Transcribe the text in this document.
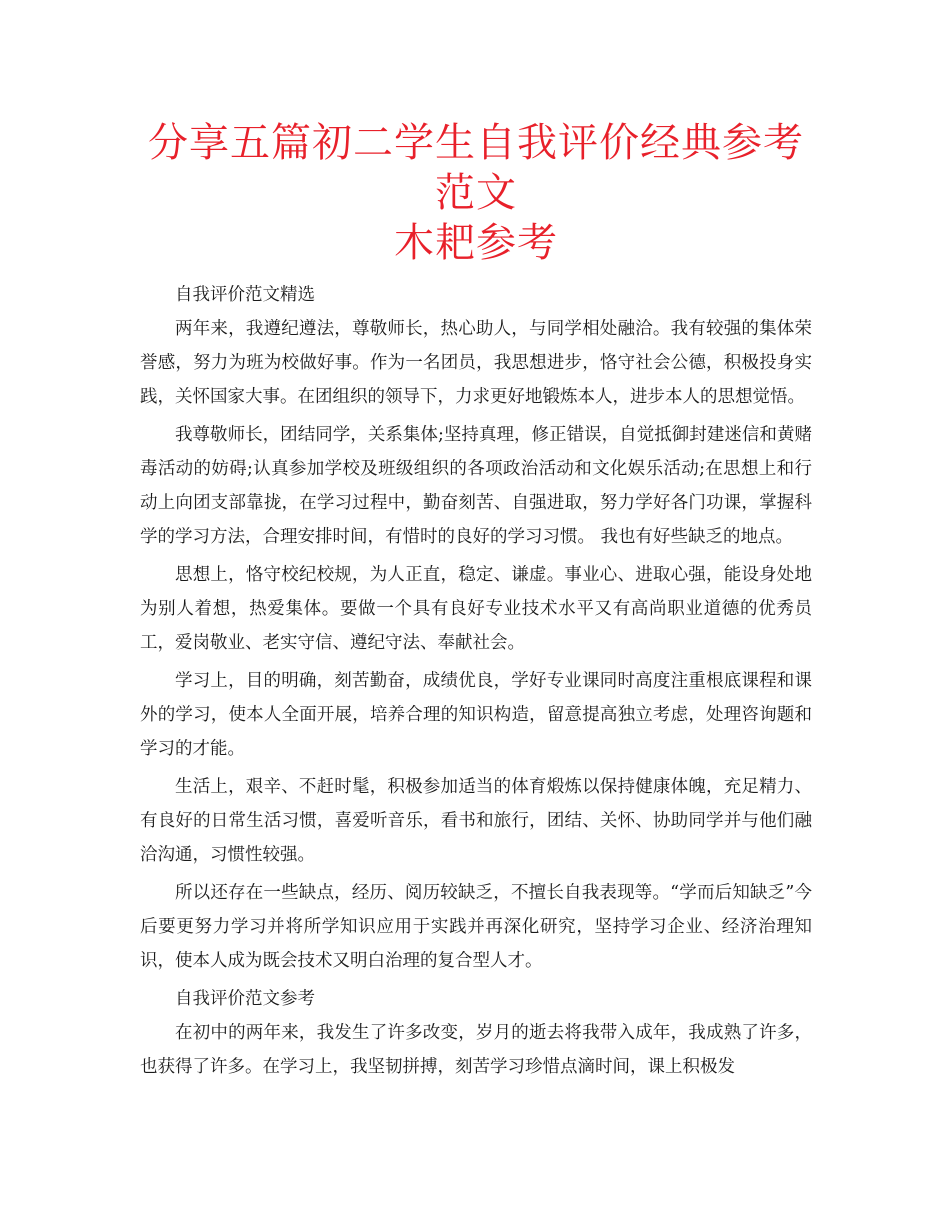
分享五篇初二学生自我评价经典参考范文
木耙参考

自我评价范文精选

两年来，我遵纪遵法，尊敬师长，热心助人，与同学相处融洽。我有较强的集体荣誉感，努力为班为校做好事。作为一名团员，我思想进步，恪守社会公德，积极投身实践，关怀国家大事。在团组织的领导下，力求更好地锻炼本人，进步本人的思想觉悟。

我尊敬师长，团结同学，关系集体;坚持真理，修正错误，自觉抵御封建迷信和黄赌毒活动的妨碍;认真参加学校及班级组织的各项政治活动和文化娱乐活动;在思想上和行动上向团支部靠拢，在学习过程中，勤奋刻苦、自强进取，努力学好各门功课，掌握科学的学习方法，合理安排时间，有惜时的良好的学习习惯。 我也有好些缺乏的地点。

思想上，恪守校纪校规，为人正直，稳定、谦虚。事业心、进取心强，能设身处地为别人着想，热爱集体。要做一个具有良好专业技术水平又有高尚职业道德的优秀员工，爱岗敬业、老实守信、遵纪守法、奉献社会。

学习上，目的明确，刻苦勤奋，成绩优良，学好专业课同时高度注重根底课程和课外的学习，使本人全面开展，培养合理的知识构造，留意提高独立考虑，处理咨询题和学习的才能。

生活上，艰辛、不赶时髦，积极参加适当的体育煅炼以保持健康体魄，充足精力、有良好的日常生活习惯，喜爱听音乐，看书和旅行，团结、关怀、协助同学并与他们融洽沟通，习惯性较强。

所以还存在一些缺点，经历、阅历较缺乏，不擅长自我表现等。“学而后知缺乏”今后要更努力学习并将所学知识应用于实践并再深化研究，坚持学习企业、经济治理知识，使本人成为既会技术又明白治理的复合型人才。

自我评价范文参考

在初中的两年来，我发生了许多改变，岁月的逝去将我带入成年，我成熟了许多，也获得了许多。在学习上，我坚韧拼搏，刻苦学习珍惜点滴时间，课上积极发
